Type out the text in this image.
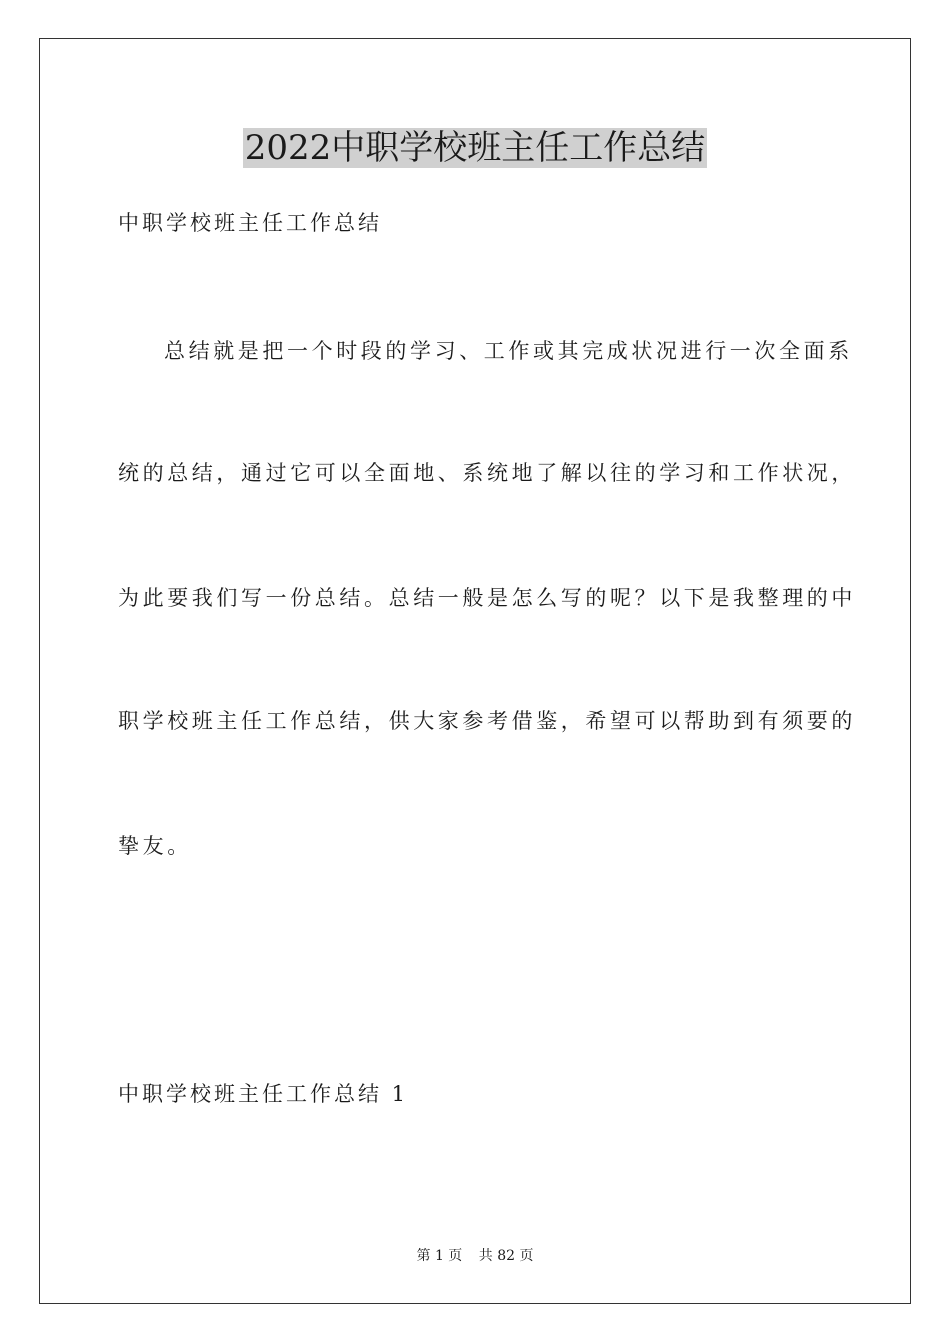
2022中职学校班主任工作总结

中职学校班主任工作总结

总结就是把一个时段的学习、工作或其完成状况进行一次全面系

统的总结，通过它可以全面地、系统地了解以往的学习和工作状况，

为此要我们写一份总结。总结一般是怎么写的呢？以下是我整理的中

职学校班主任工作总结，供大家参考借鉴，希望可以帮助到有须要的

挚友。

中职学校班主任工作总结 1

第 1 页 共 82 页
